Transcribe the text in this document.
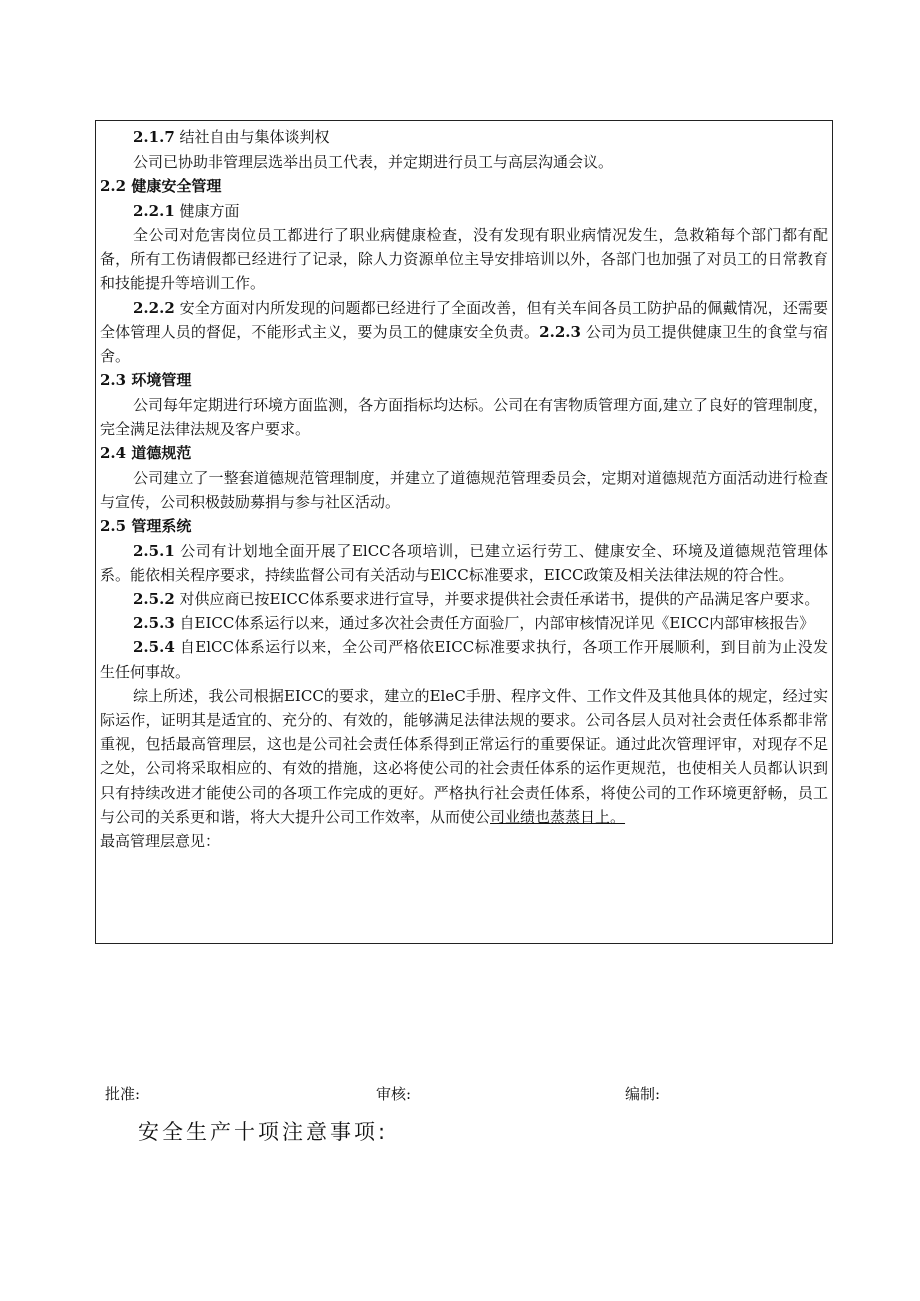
2.1.7 结社自由与集体谈判权
公司已协助非管理层选举出员工代表，并定期进行员工与高层沟通会议。
2.2 健康安全管理
2.2.1 健康方面

全公司对危害岗位员工都进行了职业病健康检查，没有发现有职业病情况发生，急救箱每个部门都有配备，所有工伤请假都已经进行了记录，除人力资源单位主导安排培训以外，各部门也加强了对员工的日常教育和技能提升等培训工作。

2.2.2 安全方面对内所发现的问题都已经进行了全面改善，但有关车间各员工防护品的佩戴情况，还需要全体管理人员的督促，不能形式主义，要为员工的健康安全负责。2.2.3 公司为员工提供健康卫生的食堂与宿舍。

2.3 环境管理

公司每年定期进行环境方面监测，各方面指标均达标。公司在有害物质管理方面,建立了良好的管理制度，完全满足法律法规及客户要求。

2.4 道德规范

公司建立了一整套道德规范管理制度，并建立了道德规范管理委员会，定期对道德规范方面活动进行检查与宣传，公司积极鼓励募捐与参与社区活动。

2.5 管理系统

2.5.1 公司有计划地全面开展了ElCC各项培训，已建立运行劳工、健康安全、环境及道德规范管理体系。能依相关程序要求，持续监督公司有关活动与ElCC标准要求，EICC政策及相关法律法规的符合性。

2.5.2 对供应商已按EICC体系要求进行宣导，并要求提供社会责任承诺书，提供的产品满足客户要求。

2.5.3 自EICC体系运行以来，通过多次社会责任方面验厂，内部审核情况详见《EICC内部审核报告》

2.5.4 自ElCC体系运行以来，全公司严格依EICC标准要求执行，各项工作开展顺利，到目前为止没发生任何事故。

综上所述，我公司根据EICC的要求，建立的EleC手册、程序文件、工作文件及其他具体的规定，经过实际运作，证明其是适宜的、充分的、有效的，能够满足法律法规的要求。公司各层人员对社会责任体系都非常重视，包括最高管理层，这也是公司社会责任体系得到正常运行的重要保证。通过此次管理评审，对现存不足之处，公司将采取相应的、有效的措施，这必将使公司的社会责任体系的运作更规范，也使相关人员都认识到只有持续改进才能使公司的各项工作完成的更好。严格执行社会责任体系，将使公司的工作环境更舒畅，员工与公司的关系更和谐，将大大提升公司工作效率，从而使公司业绩也蒸蒸日上。

最高管理层意见：
批准:	审核:	编制:
安全生产十项注意事项:
